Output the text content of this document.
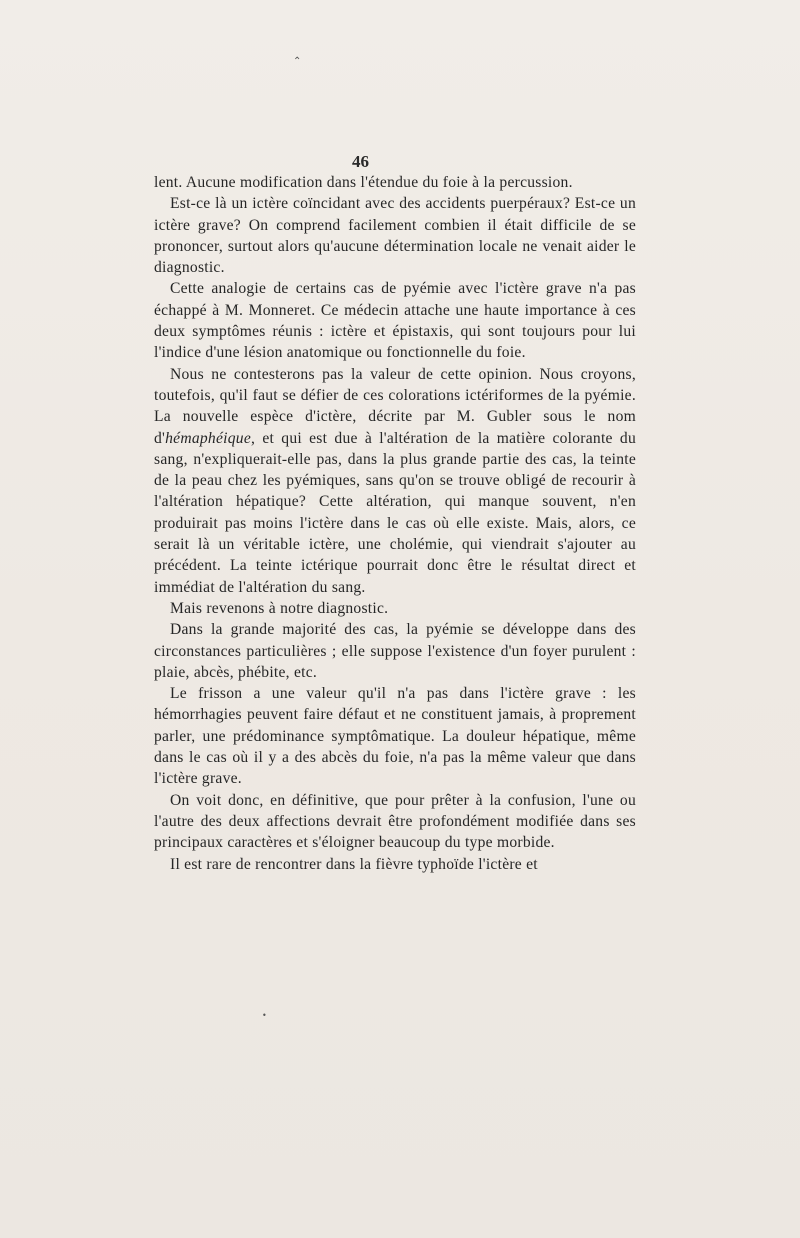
⌃
•
46

lent. Aucune modification dans l'étendue du foie à la percussion.

Est-ce là un ictère coïncidant avec des accidents puerpéraux? Est-ce un ictère grave? On comprend facilement combien il était difficile de se prononcer, surtout alors qu'aucune détermination locale ne venait aider le diagnostic.

Cette analogie de certains cas de pyémie avec l'ictère grave n'a pas échappé à M. Monneret. Ce médecin attache une haute importance à ces deux symptômes réunis : ictère et épistaxis, qui sont toujours pour lui l'indice d'une lésion anatomique ou fonctionnelle du foie.

Nous ne contesterons pas la valeur de cette opinion. Nous croyons, toutefois, qu'il faut se défier de ces colorations ictériformes de la pyémie. La nouvelle espèce d'ictère, décrite par M. Gubler sous le nom d'hémaphéique, et qui est due à l'altération de la matière colorante du sang, n'expliquerait-elle pas, dans la plus grande partie des cas, la teinte de la peau chez les pyémiques, sans qu'on se trouve obligé de recourir à l'altération hépatique? Cette altération, qui manque souvent, n'en produirait pas moins l'ictère dans le cas où elle existe. Mais, alors, ce serait là un véritable ictère, une cholémie, qui viendrait s'ajouter au précédent. La teinte ictérique pourrait donc être le résultat direct et immédiat de l'altération du sang.

Mais revenons à notre diagnostic.

Dans la grande majorité des cas, la pyémie se développe dans des circonstances particulières ; elle suppose l'existence d'un foyer purulent : plaie, abcès, phébite, etc.

Le frisson a une valeur qu'il n'a pas dans l'ictère grave : les hémorrhagies peuvent faire défaut et ne constituent jamais, à proprement parler, une prédominance symptômatique. La douleur hépatique, même dans le cas où il y a des abcès du foie, n'a pas la même valeur que dans l'ictère grave.

On voit donc, en définitive, que pour prêter à la confusion, l'une ou l'autre des deux affections devrait être profondément modifiée dans ses principaux caractères et s'éloigner beaucoup du type morbide.

Il est rare de rencontrer dans la fièvre typhoïde l'ictère et
